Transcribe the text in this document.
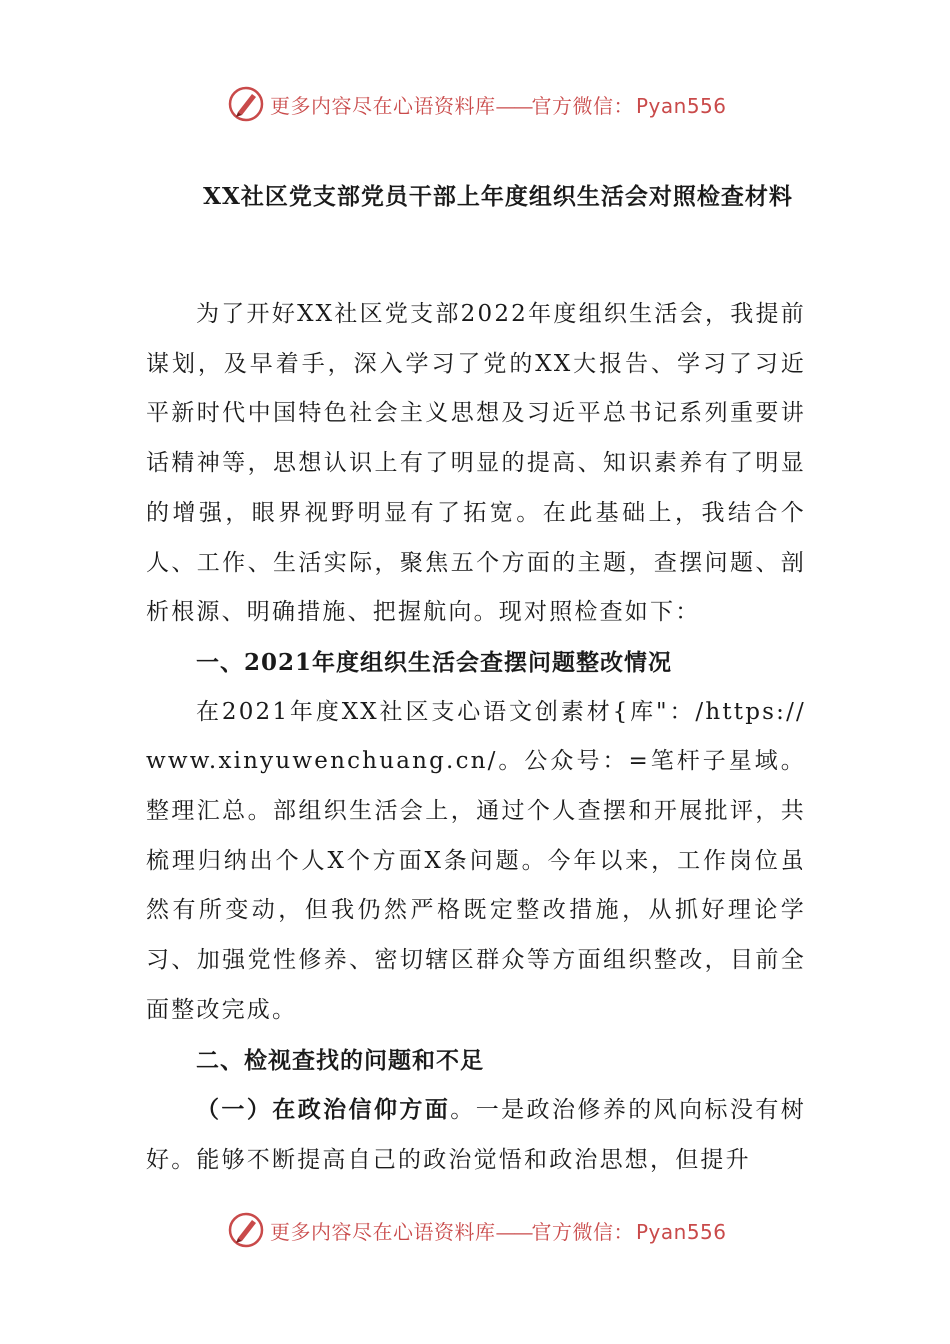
更多内容尽在心语资料库——官方微信： Pyan556
XX社区党支部党员干部上年度组织生活会对照检查材料

为了开好XX社区党支部2022年度组织生活会，我提前谋划，及早着手，深入学习了党的XX大报告、学习了习近平新时代中国特色社会主义思想及习近平总书记系列重要讲话精神等，思想认识上有了明显的提高、知识素养有了明显的增强，眼界视野明显有了拓宽。在此基础上，我结合个人、工作、生活实际，聚焦五个方面的主题，查摆问题、剖析根源、明确措施、把握航向。现对照检查如下：

一、2021年度组织生活会查摆问题整改情况

在2021年度XX社区支心语文创素材{库"：/https://www.xinyuwenchuang.cn/。公众号：=笔杆子星域。整理汇总。部组织生活会上，通过个人查摆和开展批评，共梳理归纳出个人X个方面X条问题。今年以来，工作岗位虽然有所变动，但我仍然严格既定整改措施，从抓好理论学习、加强党性修养、密切辖区群众等方面组织整改，目前全面整改完成。

二、检视查找的问题和不足

（一）在政治信仰方面。一是政治修养的风向标没有树好。能够不断提高自己的政治觉悟和政治思想，但提升

更多内容尽在心语资料库——官方微信： Pyan556
